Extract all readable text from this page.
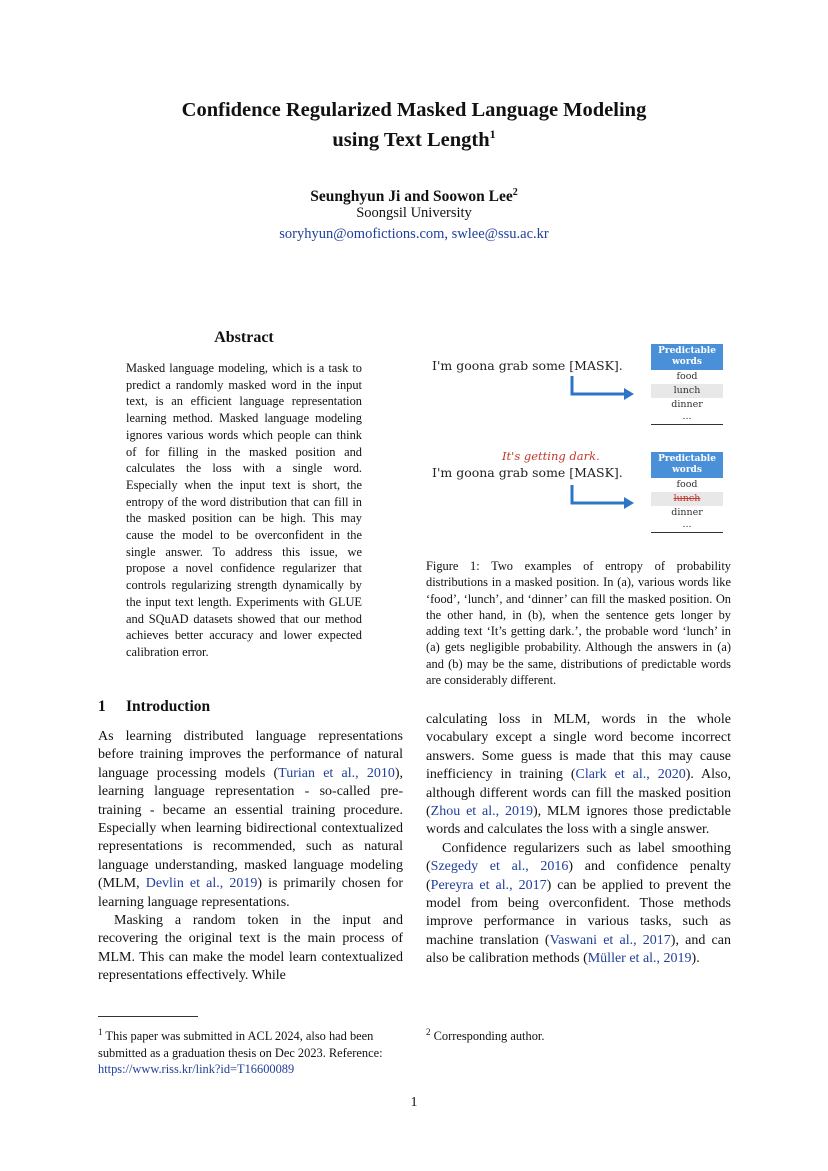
Confidence Regularized Masked Language Modeling
using Text Length$^1$
Seunghyun Ji and Soowon Lee$^2$
Soongsil University
soryhyun@omofictions.com, swlee@ssu.ac.kr
Abstract
Masked language modeling, which is a task to predict a randomly masked word in the input text, is an efficient language representation learning method. Masked language modeling ignores various words which people can think of for filling in the masked position and calculates the loss with a single word. Especially when the input text is short, the entropy of the word distribution that can fill in the masked position can be high. This may cause the model to be overconfident in the single answer. To address this issue, we propose a novel confidence regularizer that controls regularizing strength dynamically by the input text length. Experiments with GLUE and SQuAD datasets showed that our method achieves better accuracy and lower expected calibration error.
1 Introduction

As learning distributed language representations before training improves the performance of natural language processing models (Turian et al., 2010), learning language representation - so-called pre-training - became an essential training procedure. Especially when learning bidirectional contextualized representations is recommended, such as natural language understanding, masked language modeling (MLM, Devlin et al., 2019) is primarily chosen for learning language representations.

Masking a random token in the input and recovering the original text is the main process of MLM. This can make the model learn contextualized representations effectively. While

I'm goona grab some [MASK].
Predictable words
food
lunch
dinner
...
It's getting dark.
I'm goona grab some [MASK].
Predictable words
food
lunch
dinner
...
Figure 1: Two examples of entropy of probability distributions in a masked position. In (a), various words like ‘food’, ‘lunch’, and ‘dinner’ can fill the masked position. On the other hand, in (b), when the sentence gets longer by adding text ‘It’s getting dark.’, the probable word ‘lunch’ in (a) gets negligible probability. Although the answers in (a) and (b) may be the same, distributions of predictable words are considerably different.

calculating loss in MLM, words in the whole vocabulary except a single word become incorrect answers. Some guess is made that this may cause inefficiency in training (Clark et al., 2020). Also, although different words can fill the masked position (Zhou et al., 2019), MLM ignores those predictable words and calculates the loss with a single answer.

Confidence regularizers such as label smoothing (Szegedy et al., 2016) and confidence penalty (Pereyra et al., 2017) can be applied to prevent the model from being overconfident. Those methods improve performance in various tasks, such as machine translation (Vaswani et al., 2017), and can also be calibration methods (Müller et al., 2019).

$^1$ This paper was submitted in ACL 2024, also had been submitted as a graduation thesis on Dec 2023. Reference: https://www.riss.kr/link?id=T16600089
$^2$ Corresponding author.
1
